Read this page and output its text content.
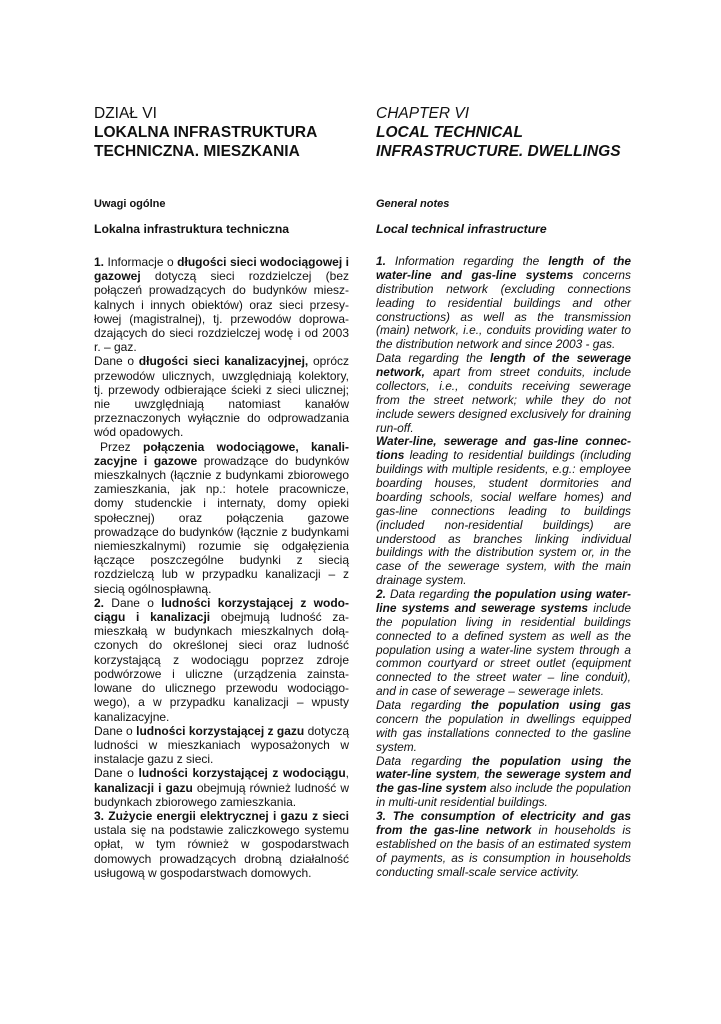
DZIAŁ VI
LOKALNA INFRASTRUKTURA
TECHNICZNA. MIESZKANIA
Uwagi ogólne
Lokalna infrastruktura techniczna

1. Informacje o długości sieci wodociągowej i gazowej dotyczą sieci rozdzielczej (bez połączeń prowadzących do budynków mieszkalnych i innych obiektów) oraz sieci przesyłowej (magistralnej), tj. przewodów doprowadzających do sieci rozdzielczej wodę i od 2003 r. – gaz.

Dane o długości sieci kanalizacyjnej, oprócz przewodów ulicznych, uwzględniają kolektory, tj. przewody odbierające ścieki z sieci ulicznej; nie uwzględniają natomiast kanałów przeznaczonych wyłącznie do odprowadzania wód opadowych.

Przez połączenia wodociągowe, kanalizacyjne i gazowe prowadzące do budynków mieszkalnych (łącznie z budynkami zbiorowego zamieszkania, jak np.: hotele pracownicze, domy studenckie i internaty, domy opieki społecznej) oraz połączenia gazowe prowadzące do budynków (łącznie z budynkami niemieszkalnymi) rozumie się odgałęzienia łączące poszczególne budynki z siecią rozdzielczą lub w przypadku kanalizacji – z siecią ogólnospławną.

2. Dane o ludności korzystającej z wodociągu i kanalizacji obejmują ludność zamieszkałą w budynkach mieszkalnych dołączonych do określonej sieci oraz ludność korzystającą z wodociągu poprzez zdroje podwórzowe i uliczne (urządzenia zainstalowane do ulicznego przewodu wodociągowego), a w przypadku kanalizacji – wpusty kanalizacyjne.

Dane o ludności korzystającej z gazu dotyczą ludności w mieszkaniach wyposażonych w instalacje gazu z sieci.

Dane o ludności korzystającej z wodociągu, kanalizacji i gazu obejmują również ludność w budynkach zbiorowego zamieszkania.

3. Zużycie energii elektrycznej i gazu z sieci ustala się na podstawie zaliczkowego systemu opłat, w tym również w gospodarstwach domowych prowadzących drobną działalność usługową w gospodarstwach domowych.

CHAPTER VI
LOCAL TECHNICAL
INFRASTRUCTURE. DWELLINGS
General notes
Local technical infrastructure

1. Information regarding the length of the water-line and gas-line systems concerns distribution network (excluding connections leading to residential buildings and other constructions) as well as the transmission (main) network, i.e., conduits providing water to the distribution network and since 2003 - gas.

Data regarding the length of the sewerage network, apart from street conduits, include collectors, i.e., conduits receiving sewerage from the street network; while they do not include sewers designed exclusively for draining run-off.

Water-line, sewerage and gas-line connections leading to residential buildings (including buildings with multiple residents, e.g.: employee boarding houses, student dormitories and boarding schools, social welfare homes) and gas-line connections leading to buildings (included non-residential buildings) are understood as branches linking individual buildings with the distribution system or, in the case of the sewerage system, with the main drainage system.

2. Data regarding the population using water-line systems and sewerage systems include the population living in residential buildings connected to a defined system as well as the population using a water-line system through a common courtyard or street outlet (equipment connected to the street water – line conduit), and in case of sewerage – sewerage inlets.

Data regarding the population using gas concern the population in dwellings equipped with gas installations connected to the gasline system.

Data regarding the population using the water-line system, the sewerage system and the gas-line system also include the population in multi-unit residential buildings.

3. The consumption of electricity and gas from the gas-line network in households is established on the basis of an estimated system of payments, as is consumption in households conducting small-scale service activity.
